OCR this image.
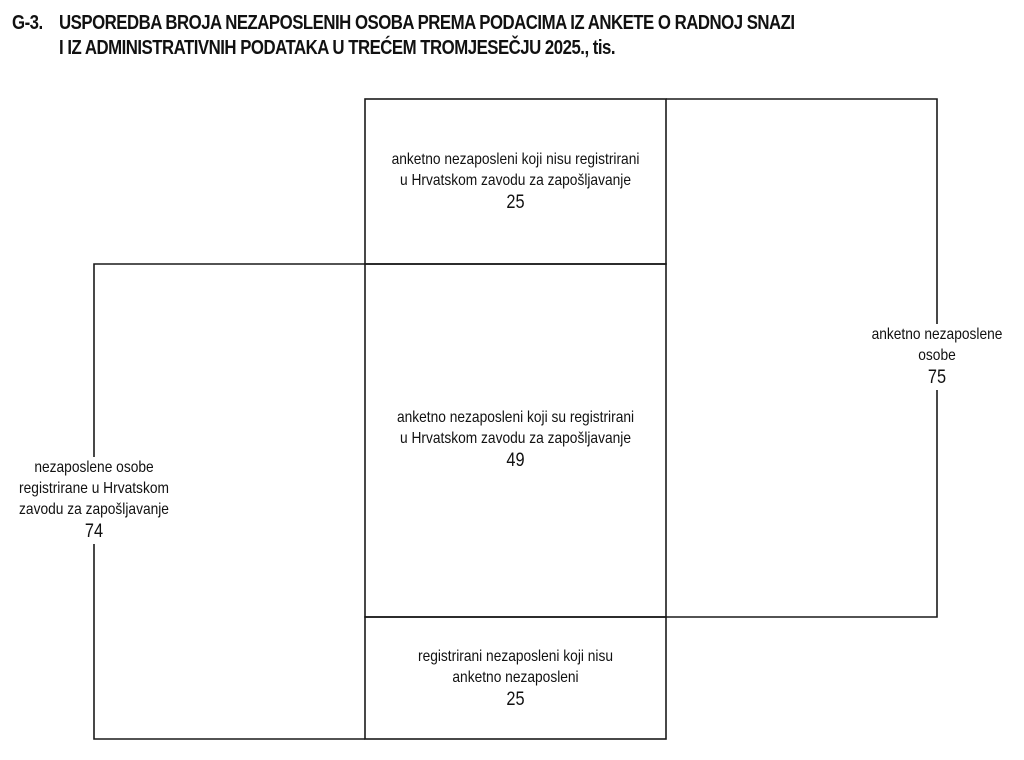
G-3. USPOREDBA BROJA NEZAPOSLENIH OSOBA PREMA PODACIMA IZ ANKETE O RADNOJ SNAZI
I IZ ADMINISTRATIVNIH PODATAKA U TREĆEM TROMJESEČJU 2025., tis.
anketno nezaposleni koji nisu registrirani
u Hrvatskom zavodu za zapošljavanje
25
anketno nezaposleni koji su registrirani
u Hrvatskom zavodu za zapošljavanje
49
registrirani nezaposleni koji nisu
anketno nezaposleni
25
nezaposlene osobe
registrirane u Hrvatskom
zavodu za zapošljavanje
74
anketno nezaposlene
osobe
75
